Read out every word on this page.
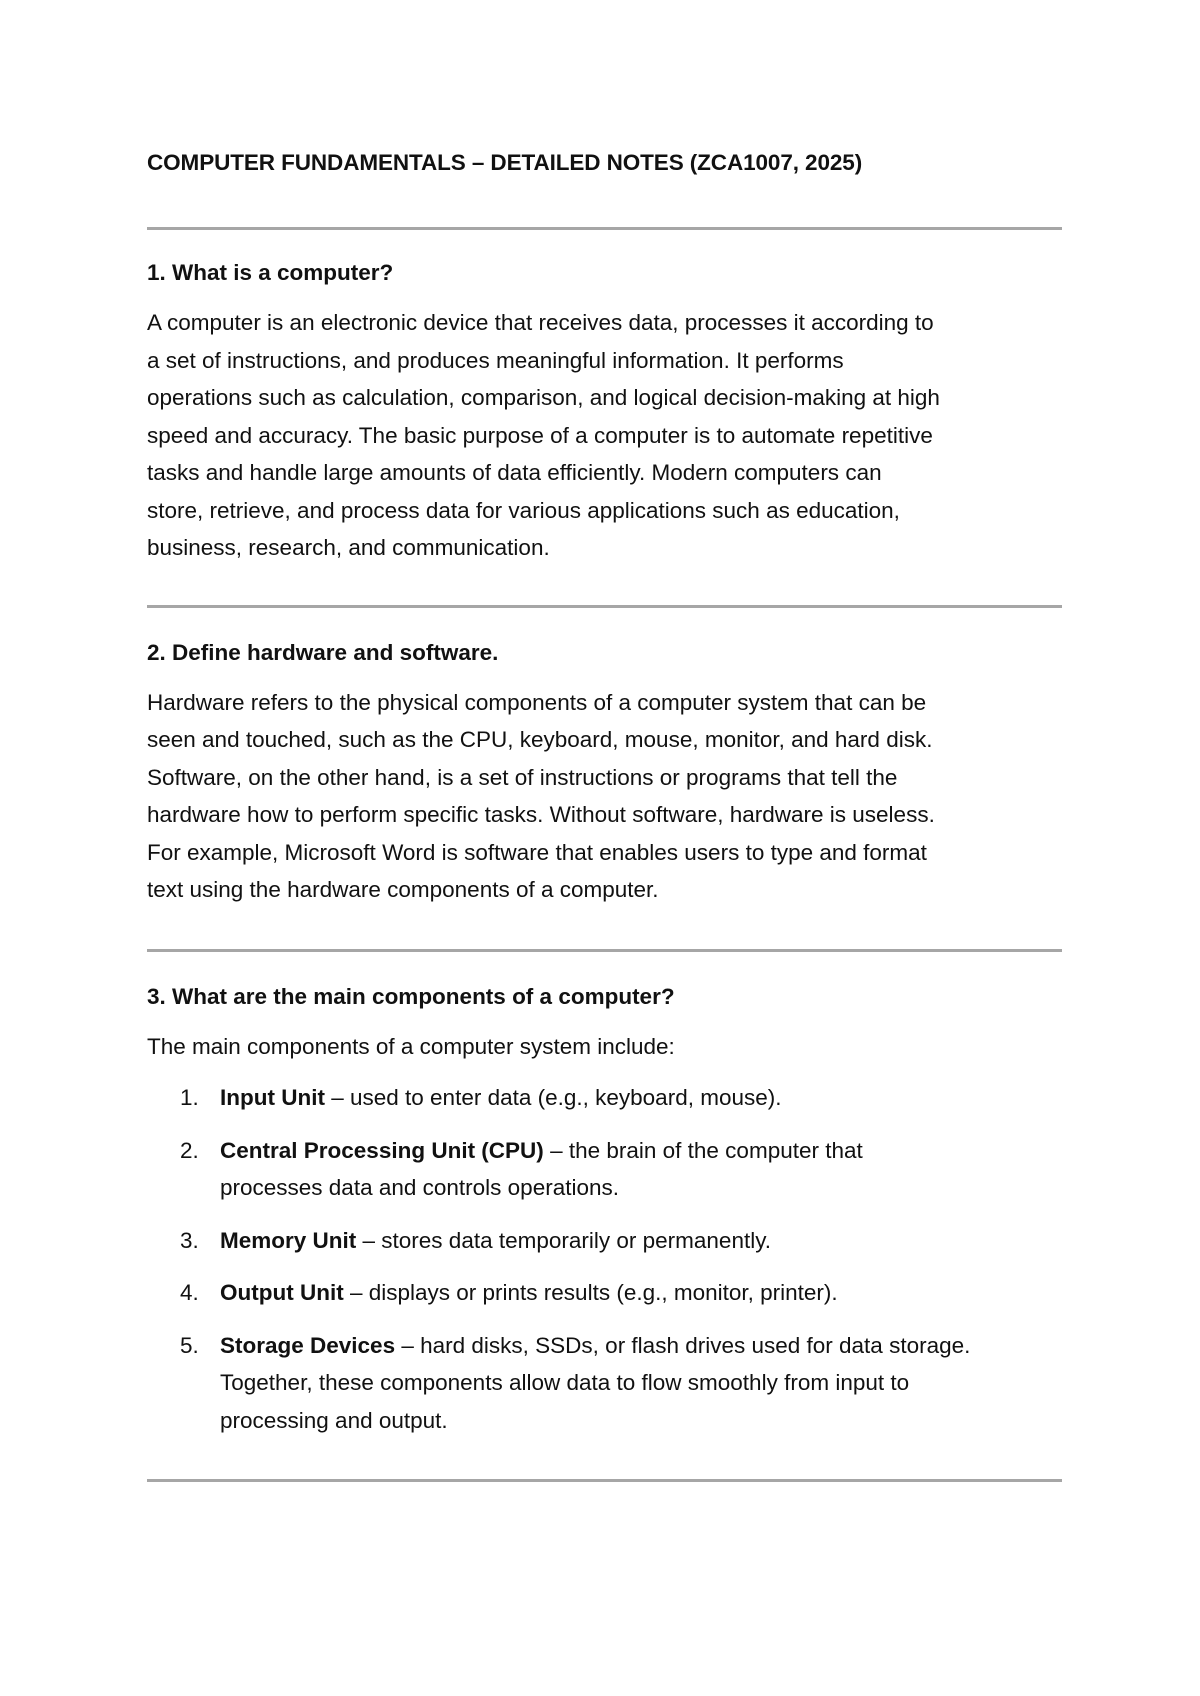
COMPUTER FUNDAMENTALS – DETAILED NOTES (ZCA1007, 2025)
1. What is a computer?

A computer is an electronic device that receives data, processes it according to
a set of instructions, and produces meaningful information. It performs
operations such as calculation, comparison, and logical decision-making at high
speed and accuracy. The basic purpose of a computer is to automate repetitive
tasks and handle large amounts of data efficiently. Modern computers can
store, retrieve, and process data for various applications such as education,
business, research, and communication.

2. Define hardware and software.

Hardware refers to the physical components of a computer system that can be
seen and touched, such as the CPU, keyboard, mouse, monitor, and hard disk.
Software, on the other hand, is a set of instructions or programs that tell the
hardware how to perform specific tasks. Without software, hardware is useless.
For example, Microsoft Word is software that enables users to type and format
text using the hardware components of a computer.

3. What are the main components of a computer?

The main components of a computer system include:

1. Input Unit – used to enter data (e.g., keyboard, mouse).
2. Central Processing Unit (CPU) – the brain of the computer that
processes data and controls operations.
3. Memory Unit – stores data temporarily or permanently.
4. Output Unit – displays or prints results (e.g., monitor, printer).
5. Storage Devices – hard disks, SSDs, or flash drives used for data storage.
Together, these components allow data to flow smoothly from input to
processing and output.
